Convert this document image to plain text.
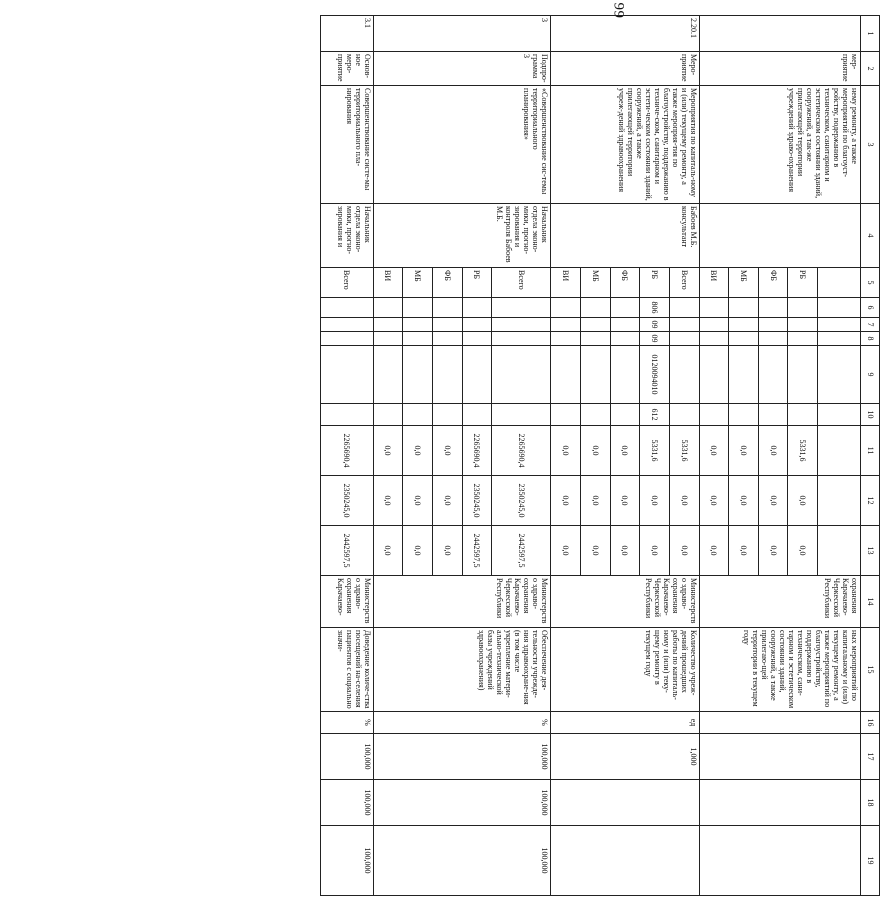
99
1	2	3	4	5	6	7	8	9	10	11	12	13	14	15	16	17	18	19
	мер-приятие	нему ремонту, а также мероприятий по благоуст-ройству, подержанию в техническом, санитарном и эстетическом состоянии зданий, сооружений, а так-же прилегающей территории учреждений здраво-охранения											охранения Карачаево-Черкесской Республики	ных мероприятий по капитальному и (или) текущему ремонту, а также мероприятий по благоустройству, поддержанию в техническом, сани-тарном и эстетическом состоянии зданий, сооружений, а также прилегаю-щей территории в текущем году				
				РБ						5331,6	0,0	0,0						
				ФБ						0,0	0,0	0,0						
				МБ						0,0	0,0	0,0						
				ВИ						0,0	0,0	0,0						
2.20.1	Меро-приятие	Мероприятия по капиталь-ному и (или) текущему ремонту, а также мероприя-тия по благоустройству, поддержанию в техниче-ском, санитарном и эстети-ческом состоянии зданий, сооружений, а также прилегающей территории учреж-дений здравоохранения	Бабоев М.Б. консультант	Всего						5331,6	0,0	0,0	Министерство здраво-охранения Карачаево-Черкесской Республики	Количество учреж-дений прошедших работы по капиталь-ному и (или) теку-щему ремонту в текущем году	ед	1,000		
				РБ	806	09	09	0120094010	612	5331,6	0,0	0,0						
				ФБ						0,0	0,0	0,0						
				МБ						0,0	0,0	0,0						
				ВИ						0,0	0,0	0,0						
3	Подпро-грамма 3	«Совершенствование сис-темы территориального планирования»	Начальник отдела эконо-мики, прогно-зирования и контроля Бабоев М.Б.	Всего						2265690,4	2350245,0	2442597,5	Министерство здраво-охранения Карачаево-Черкесской Республики	Обеспечение дея-тельности учрежде-ния здравоохране-ния (в том числе укрепление матери-ально-технической базы учреждений здравоохранения)	%	100,000	100,000	100,000
				РБ						2265690,4	2350245,0	2442597,5						
				ФБ						0,0	0,0	0,0						
				МБ						0,0	0,0	0,0						
				ВИ						0,0	0,0	0,0						
3.1	Основ-ное меро-приятие	Совершенствование систе-мы территориального пла-нирования	Начальник отдела эконо-мики, прогно-зирования и	Всего						2265690,4	2350245,0	2442597,5	Министерство здраво-охранения Карачаево-	Доведение количе-ства посещений на-селения пациентов с социально значи-	%	100,000	100,000	100,000
